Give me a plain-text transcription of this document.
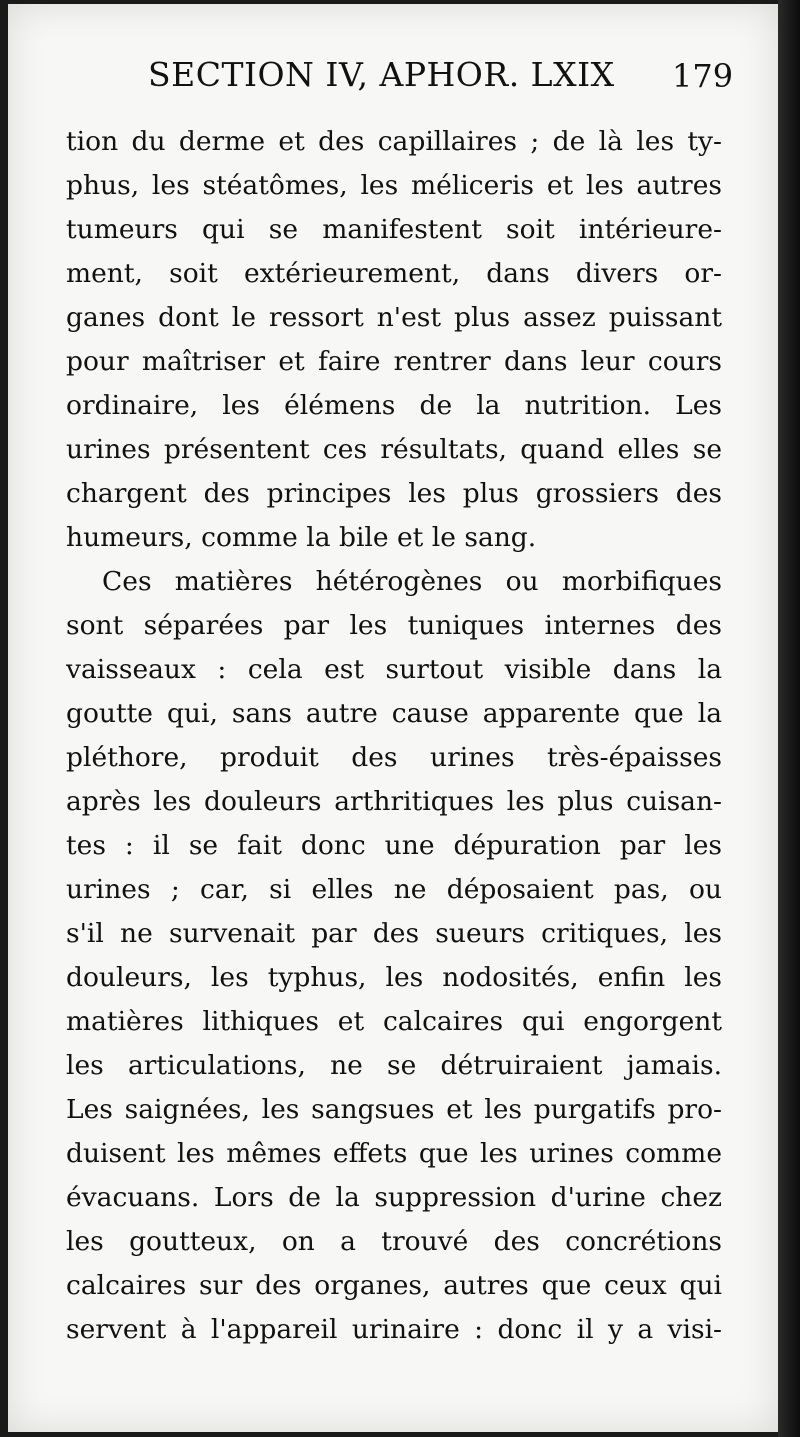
SECTION IV, APHOR. LXIX 179
tion du derme et des capillaires ; de là les ty-
phus, les stéatômes, les méliceris et les autres
tumeurs qui se manifestent soit intérieure-
ment, soit extérieurement, dans divers or-
ganes dont le ressort n'est plus assez puissant
pour maîtriser et faire rentrer dans leur cours
ordinaire, les élémens de la nutrition. Les
urines présentent ces résultats, quand elles se
chargent des principes les plus grossiers des
humeurs, comme la bile et le sang.
Ces matières hétérogènes ou morbifiques
sont séparées par les tuniques internes des
vaisseaux : cela est surtout visible dans la
goutte qui, sans autre cause apparente que la
pléthore, produit des urines très-épaisses
après les douleurs arthritiques les plus cuisan-
tes : il se fait donc une dépuration par les
urines ; car, si elles ne déposaient pas, ou
s'il ne survenait par des sueurs critiques, les
douleurs, les typhus, les nodosités, enfin les
matières lithiques et calcaires qui engorgent
les articulations, ne se détruiraient jamais.
Les saignées, les sangsues et les purgatifs pro-
duisent les mêmes effets que les urines comme
évacuans. Lors de la suppression d'urine chez
les goutteux, on a trouvé des concrétions
calcaires sur des organes, autres que ceux qui
servent à l'appareil urinaire : donc il y a visi-
